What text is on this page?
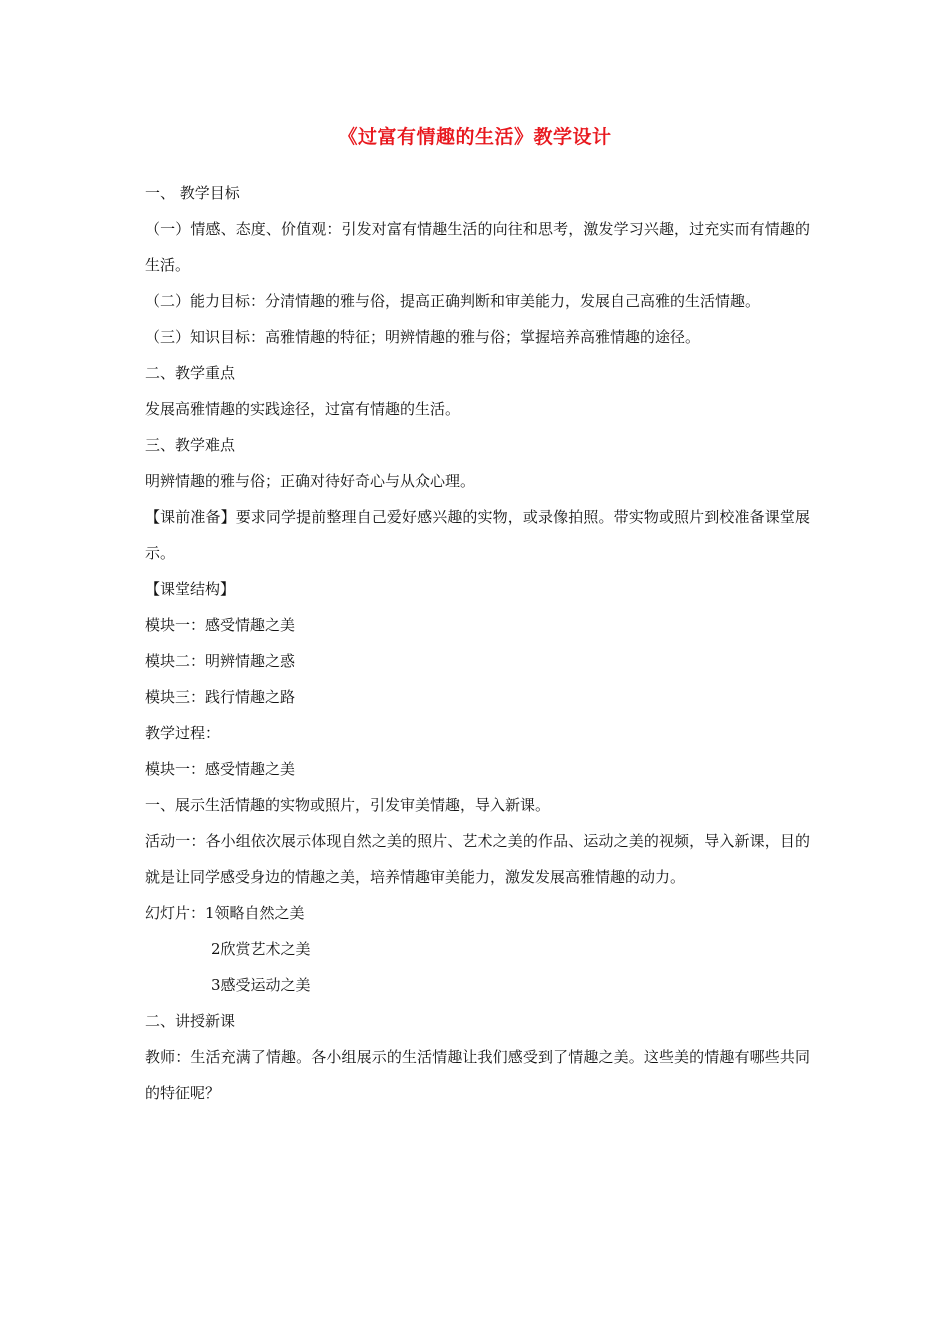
《过富有情趣的生活》教学设计

一、 教学目标

（一）情感、态度、价值观：引发对富有情趣生活的向往和思考，激发学习兴趣，过充实而有情趣的生活。

（二）能力目标：分清情趣的雅与俗，提高正确判断和审美能力，发展自己高雅的生活情趣。

（三）知识目标：高雅情趣的特征；明辨情趣的雅与俗；掌握培养高雅情趣的途径。

二、教学重点

发展高雅情趣的实践途径，过富有情趣的生活。

三、教学难点

明辨情趣的雅与俗；正确对待好奇心与从众心理。

【课前准备】要求同学提前整理自己爱好感兴趣的实物，或录像拍照。带实物或照片到校准备课堂展示。

【课堂结构】

模块一：感受情趣之美

模块二：明辨情趣之惑

模块三：践行情趣之路

教学过程：

模块一：感受情趣之美

一、展示生活情趣的实物或照片，引发审美情趣，导入新课。

活动一：各小组依次展示体现自然之美的照片、艺术之美的作品、运动之美的视频，导入新课，目的就是让同学感受身边的情趣之美，培养情趣审美能力，激发发展高雅情趣的动力。

幻灯片：1领略自然之美

2欣赏艺术之美

3感受运动之美

二、讲授新课

教师：生活充满了情趣。各小组展示的生活情趣让我们感受到了情趣之美。这些美的情趣有哪些共同的特征呢？
